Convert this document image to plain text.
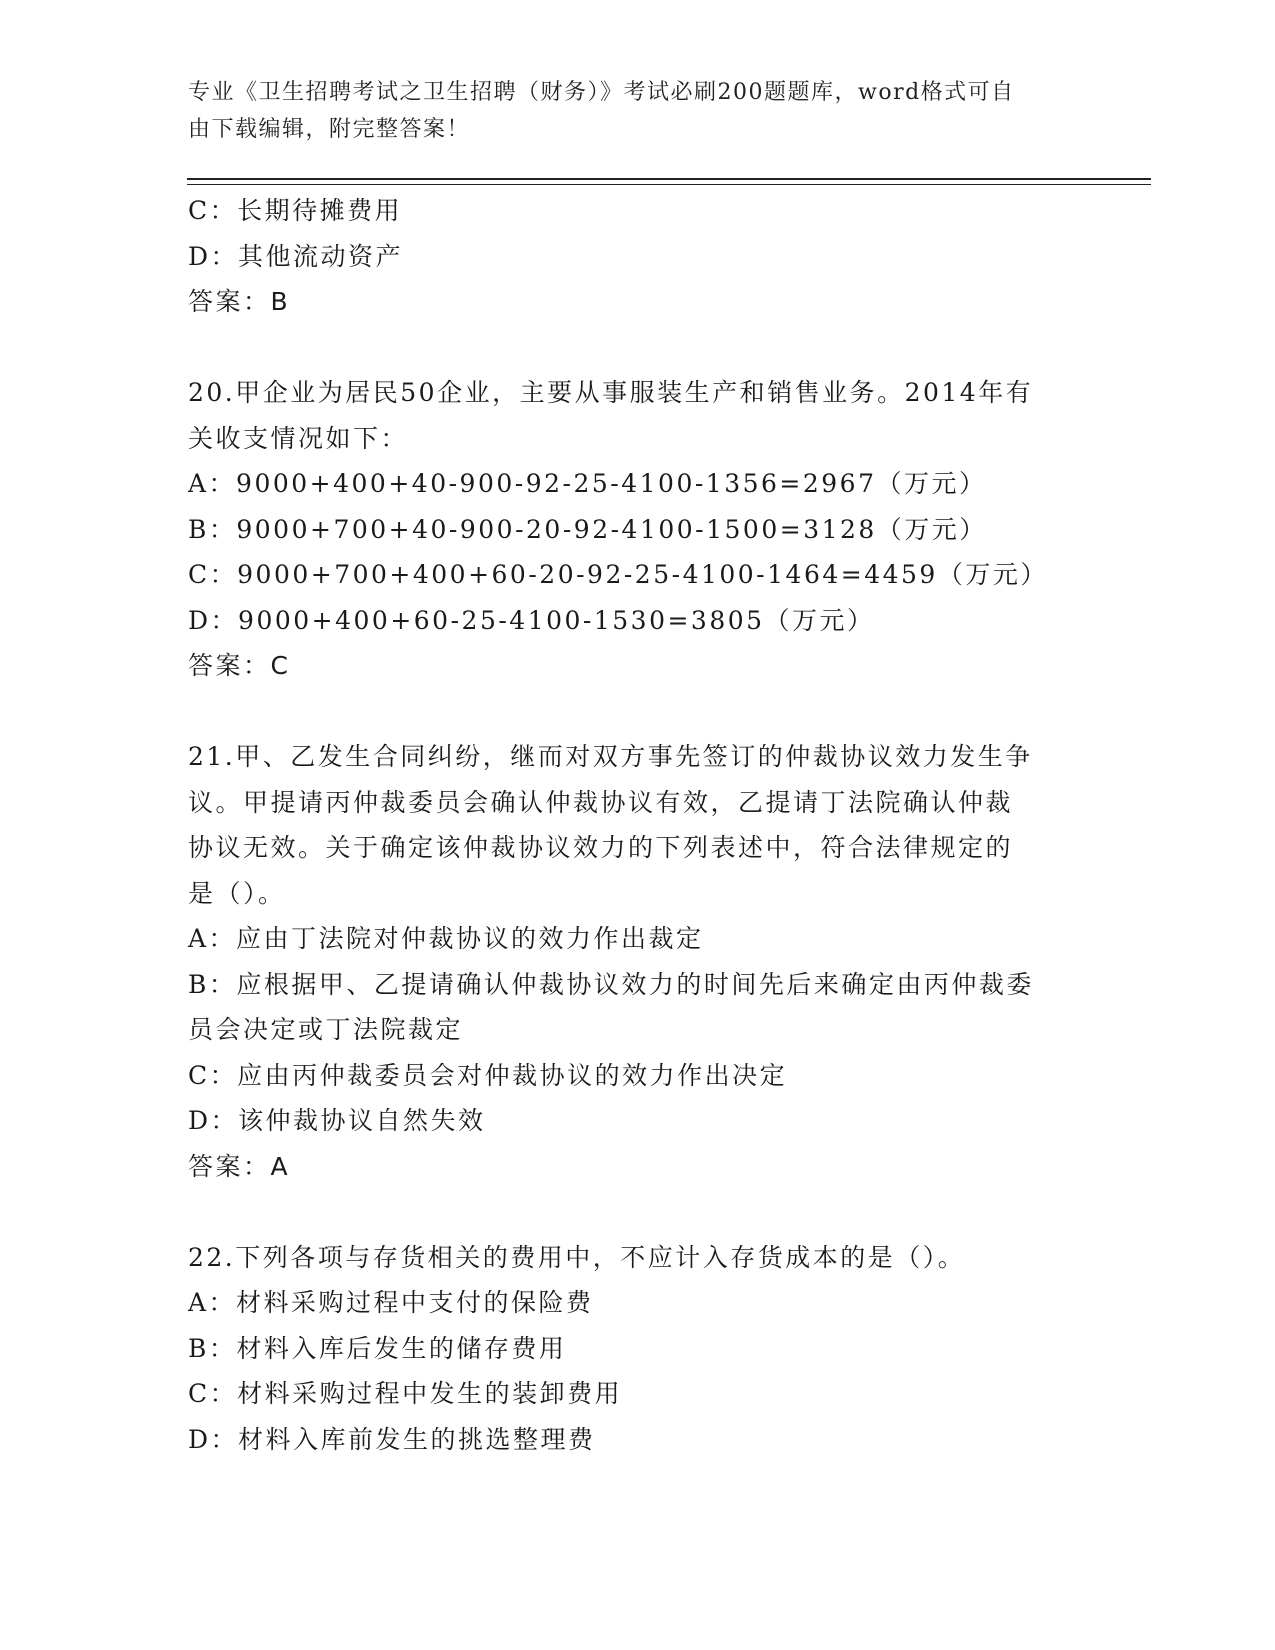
专业《卫生招聘考试之卫生招聘（财务）》考试必刷200题题库，word格式可自
由下载编辑，附完整答案！

C：长期待摊费用

D：其他流动资产

答案：B

20.甲企业为居民50企业，主要从事服装生产和销售业务。2014年有

关收支情况如下：

A：9000+400+40-900-92-25-4100-1356=2967（万元）

B：9000+700+40-900-20-92-4100-1500=3128（万元）

C：9000+700+400+60-20-92-25-4100-1464=4459（万元）

D：9000+400+60-25-4100-1530=3805（万元）

答案：C

21.甲、乙发生合同纠纷，继而对双方事先签订的仲裁协议效力发生争

议。甲提请丙仲裁委员会确认仲裁协议有效，乙提请丁法院确认仲裁

协议无效。关于确定该仲裁协议效力的下列表述中，符合法律规定的

是（）。

A：应由丁法院对仲裁协议的效力作出裁定

B：应根据甲、乙提请确认仲裁协议效力的时间先后来确定由丙仲裁委

员会决定或丁法院裁定

C：应由丙仲裁委员会对仲裁协议的效力作出决定

D：该仲裁协议自然失效

答案：A

22.下列各项与存货相关的费用中，不应计入存货成本的是（）。

A：材料采购过程中支付的保险费

B：材料入库后发生的储存费用

C：材料采购过程中发生的装卸费用

D：材料入库前发生的挑选整理费
